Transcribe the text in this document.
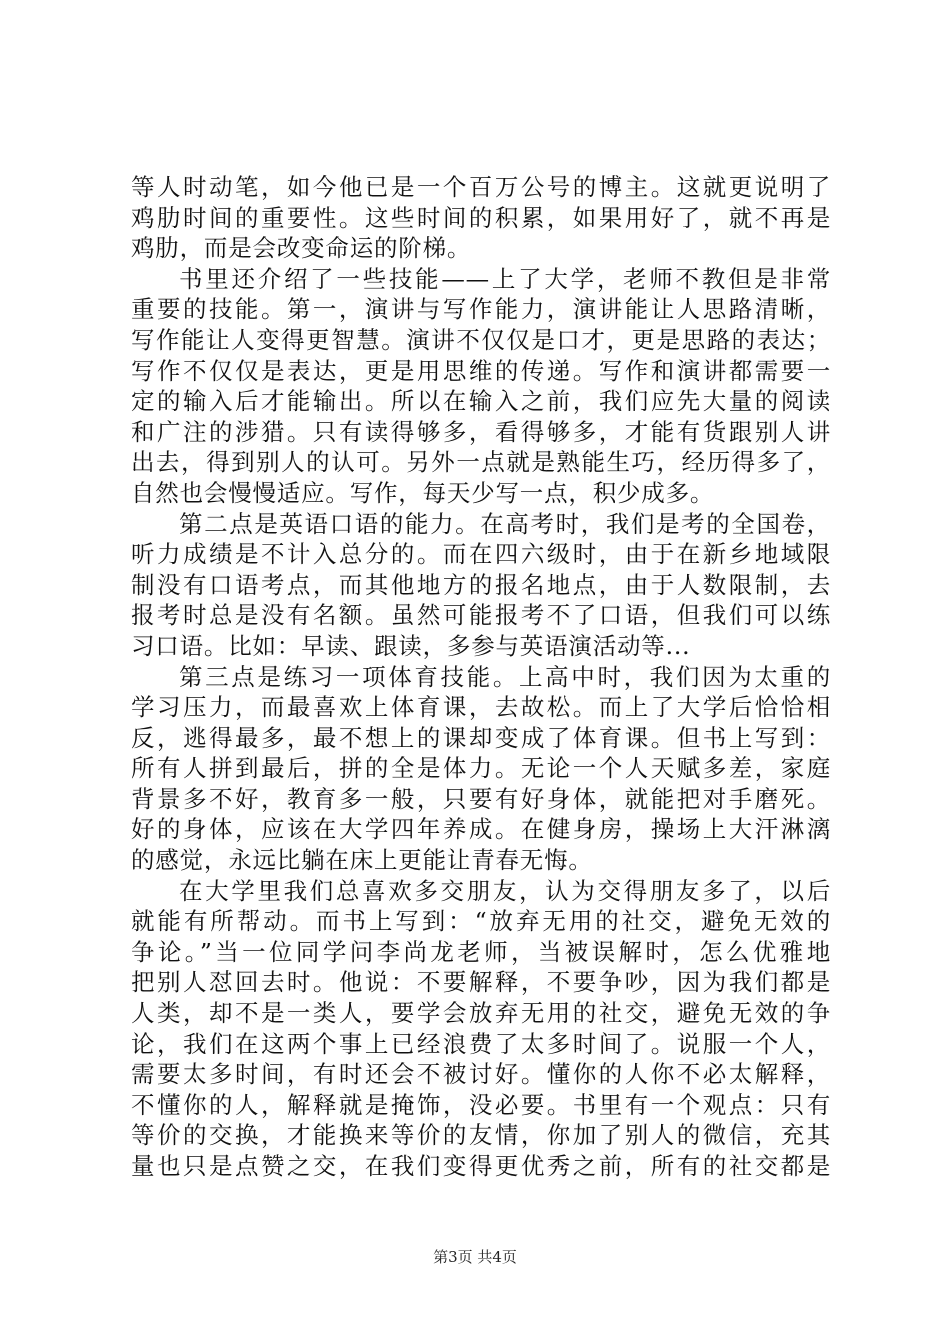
等人时动笔，如今他已是一个百万公号的博主。这就更说明了
鸡肋时间的重要性。这些时间的积累，如果用好了，就不再是
鸡肋，而是会改变命运的阶梯。
书里还介绍了一些技能——上了大学，老师不教但是非常
重要的技能。第一，演讲与写作能力，演讲能让人思路清晰，
写作能让人变得更智慧。演讲不仅仅是口才，更是思路的表达；
写作不仅仅是表达，更是用思维的传递。写作和演讲都需要一
定的输入后才能输出。所以在输入之前，我们应先大量的阅读
和广注的涉猎。只有读得够多，看得够多，才能有货跟别人讲
出去，得到别人的认可。另外一点就是熟能生巧，经历得多了，
自然也会慢慢适应。写作，每天少写一点，积少成多。
第二点是英语口语的能力。在高考时，我们是考的全国卷，
听力成绩是不计入总分的。而在四六级时，由于在新乡地域限
制没有口语考点，而其他地方的报名地点，由于人数限制，去
报考时总是没有名额。虽然可能报考不了口语，但我们可以练
习口语。比如：早读、跟读，多参与英语演活动等...
第三点是练习一项体育技能。上高中时，我们因为太重的
学习压力，而最喜欢上体育课，去故松。而上了大学后恰恰相
反，逃得最多，最不想上的课却变成了体育课。但书上写到：
所有人拼到最后，拼的全是体力。无论一个人天赋多差，家庭
背景多不好，教育多一般，只要有好身体，就能把对手磨死。
好的身体，应该在大学四年养成。在健身房，操场上大汗淋漓
的感觉，永远比躺在床上更能让青春无悔。
在大学里我们总喜欢多交朋友，认为交得朋友多了，以后
就能有所帮动。而书上写到：“放弃无用的社交，避免无效的
争论。”当一位同学问李尚龙老师，当被误解时，怎么优雅地
把别人怼回去时。他说：不要解释，不要争吵，因为我们都是
人类，却不是一类人，要学会放弃无用的社交，避免无效的争
论，我们在这两个事上已经浪费了太多时间了。说服一个人，
需要太多时间，有时还会不被讨好。懂你的人你不必太解释，
不懂你的人，解释就是掩饰，没必要。书里有一个观点：只有
等价的交换，才能换来等价的友情，你加了别人的微信，充其
量也只是点赞之交，在我们变得更优秀之前，所有的社交都是
第3页 共4页
